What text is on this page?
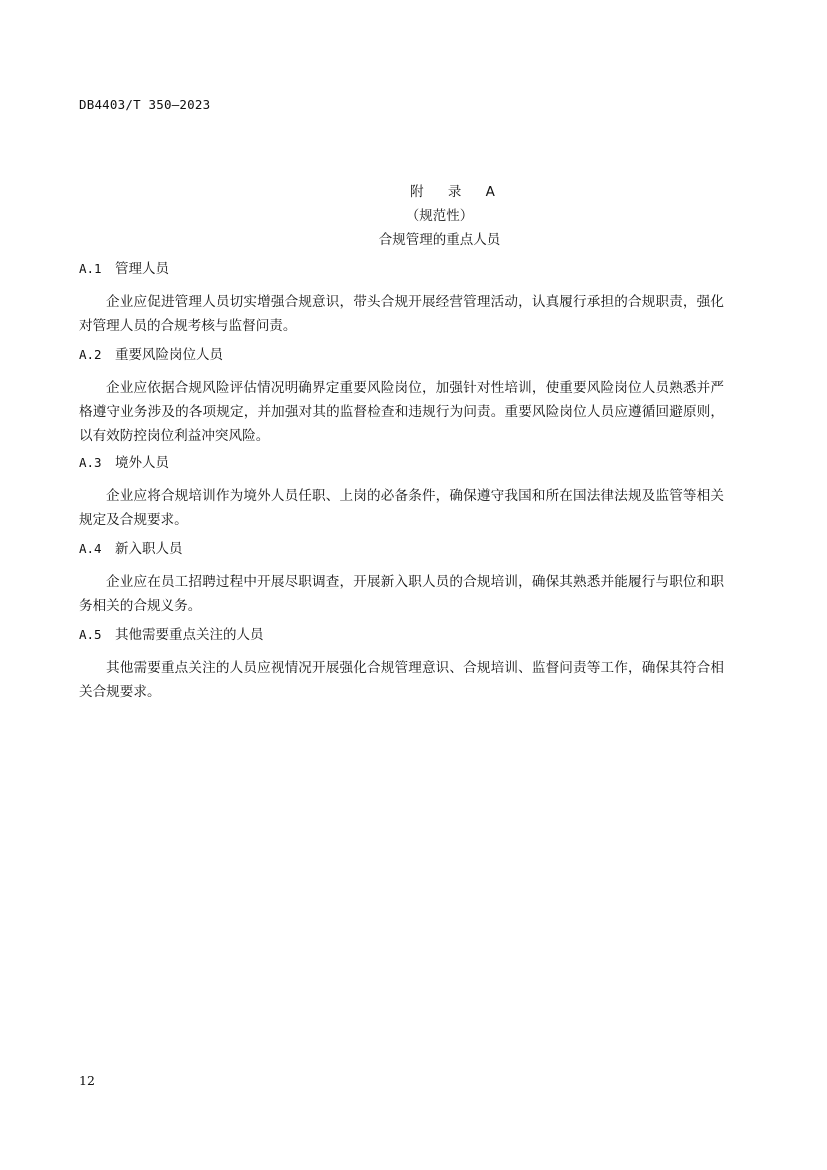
DB4403/T 350—2023
附 录 A
（规范性）
合规管理的重点人员
A.1 管理人员
企业应促进管理人员切实增强合规意识，带头合规开展经营管理活动，认真履行承担的合规职责，强化对管理人员的合规考核与监督问责。
A.2 重要风险岗位人员
企业应依据合规风险评估情况明确界定重要风险岗位，加强针对性培训，使重要风险岗位人员熟悉并严格遵守业务涉及的各项规定，并加强对其的监督检查和违规行为问责。重要风险岗位人员应遵循回避原则，以有效防控岗位利益冲突风险。
A.3 境外人员
企业应将合规培训作为境外人员任职、上岗的必备条件，确保遵守我国和所在国法律法规及监管等相关规定及合规要求。
A.4 新入职人员
企业应在员工招聘过程中开展尽职调查，开展新入职人员的合规培训，确保其熟悉并能履行与职位和职务相关的合规义务。
A.5 其他需要重点关注的人员
其他需要重点关注的人员应视情况开展强化合规管理意识、合规培训、监督问责等工作，确保其符合相关合规要求。
12
